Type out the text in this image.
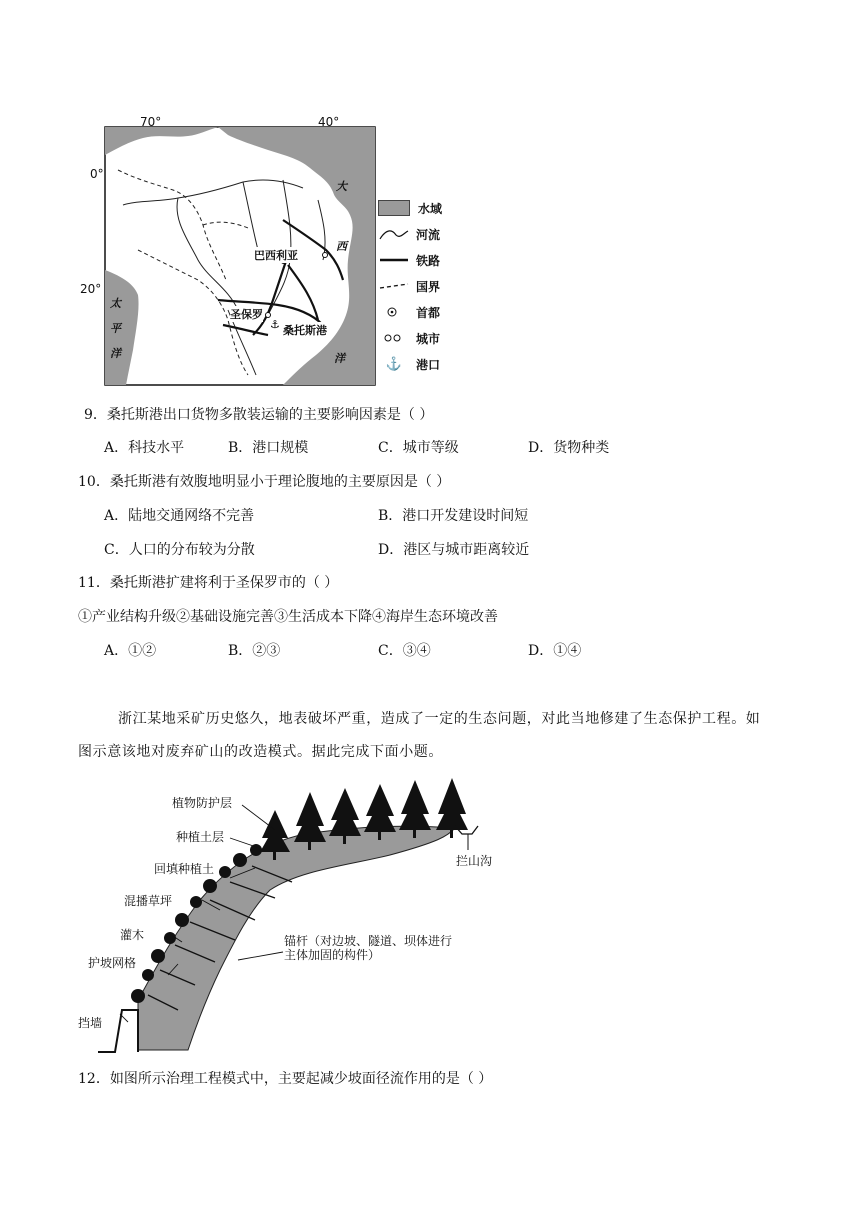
⚓
70°	40°
0°
20°
大
西
洋
太
平
洋
巴西利亚
圣保罗
桑托斯港
水域
河流
铁路
国界
首都
城市
⚓	港口
9．桑托斯港出口货物多散装运输的主要影响因素是（ ）
A．科技水平	B．港口规模	C．城市等级	D．货物种类
10．桑托斯港有效腹地明显小于理论腹地的主要原因是（ ）
A．陆地交通网络不完善	B．港口开发建设时间短
C．人口的分布较为分散	D．港区与城市距离较近
11．桑托斯港扩建将利于圣保罗市的（ ）
①产业结构升级②基础设施完善③生活成本下降④海岸生态环境改善
A．①②	B．②③	C．③④	D．①④
浙江某地采矿历史悠久，地表破坏严重，造成了一定的生态问题，对此当地修建了生态保护工程。如
图示意该地对废弃矿山的改造模式。据此完成下面小题。
植物防护层
种植土层
回填种植土
混播草坪
灌木
护坡网格
挡墙
拦山沟
锚杆（对边坡、隧道、坝体进行
主体加固的构件）
12．如图所示治理工程模式中，主要起减少坡面径流作用的是（ ）
